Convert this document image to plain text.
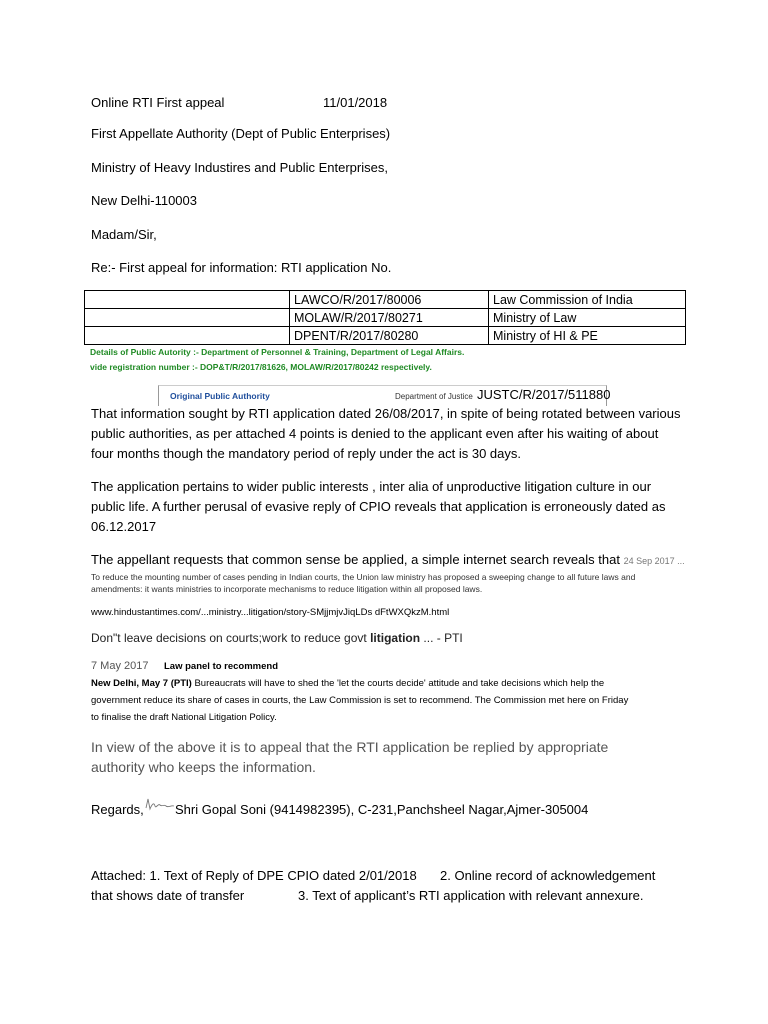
Online RTI First appeal	11/01/2018
First Appellate Authority (Dept of Public Enterprises)
Ministry of Heavy Industires and Public Enterprises,
New Delhi-110003
Madam/Sir,
Re:- First appeal for information: RTI application No.
	LAWCO/R/2017/80006	Law Commission of India
	MOLAW/R/2017/80271	Ministry of Law
	DPENT/R/2017/80280	Ministry of HI & PE
Details of Public Autority :- Department of Personnel & Training, Department of Legal Affairs.
vide registration number :- DOP&T/R/2017/81626, MOLAW/R/2017/80242 respectively.
Original Public Authority	Department of Justice JUSTC/R/2017/511880
That information sought by RTI application dated 26/08/2017, in spite of being rotated between various
public authorities, as per attached 4 points is denied to the applicant even after his waiting of about
four months though the mandatory period of reply under the act is 30 days.
The application pertains to wider public interests , inter alia of unproductive litigation culture in our
public life. A further perusal of evasive reply of CPIO reveals that application is erroneously dated as
06.12.2017
The appellant requests that common sense be applied, a simple internet search reveals that 24 Sep 2017 ...
To reduce the mounting number of cases pending in Indian courts, the Union law ministry has proposed a sweeping change to all future laws and
amendments: it wants ministries to incorporate mechanisms to reduce litigation within all proposed laws.
www.hindustantimes.com/...ministry...litigation/story-SMjjmjvJiqLDs dFtWXQkzM.html
Don"t leave decisions on courts;work to reduce govt litigation ... - PTI
7 May 2017 Law panel to recommend
New Delhi, May 7 (PTI) Bureaucrats will have to shed the 'let the courts decide' attitude and take decisions which help the
government reduce its share of cases in courts, the Law Commission is set to recommend. The Commission met here on Friday
to finalise the draft National Litigation Policy.
In view of the above it is to appeal that the RTI application be replied by appropriate
authority who keeps the information.
Regards, Shri Gopal Soni (9414982395), C-231,Panchsheel Nagar,Ajmer-305004
Attached: 1. Text of Reply of DPE CPIO dated 2/01/2018 2. Online record of acknowledgement
that shows date of transfer	3. Text of applicant’s RTI application with relevant annexure.
